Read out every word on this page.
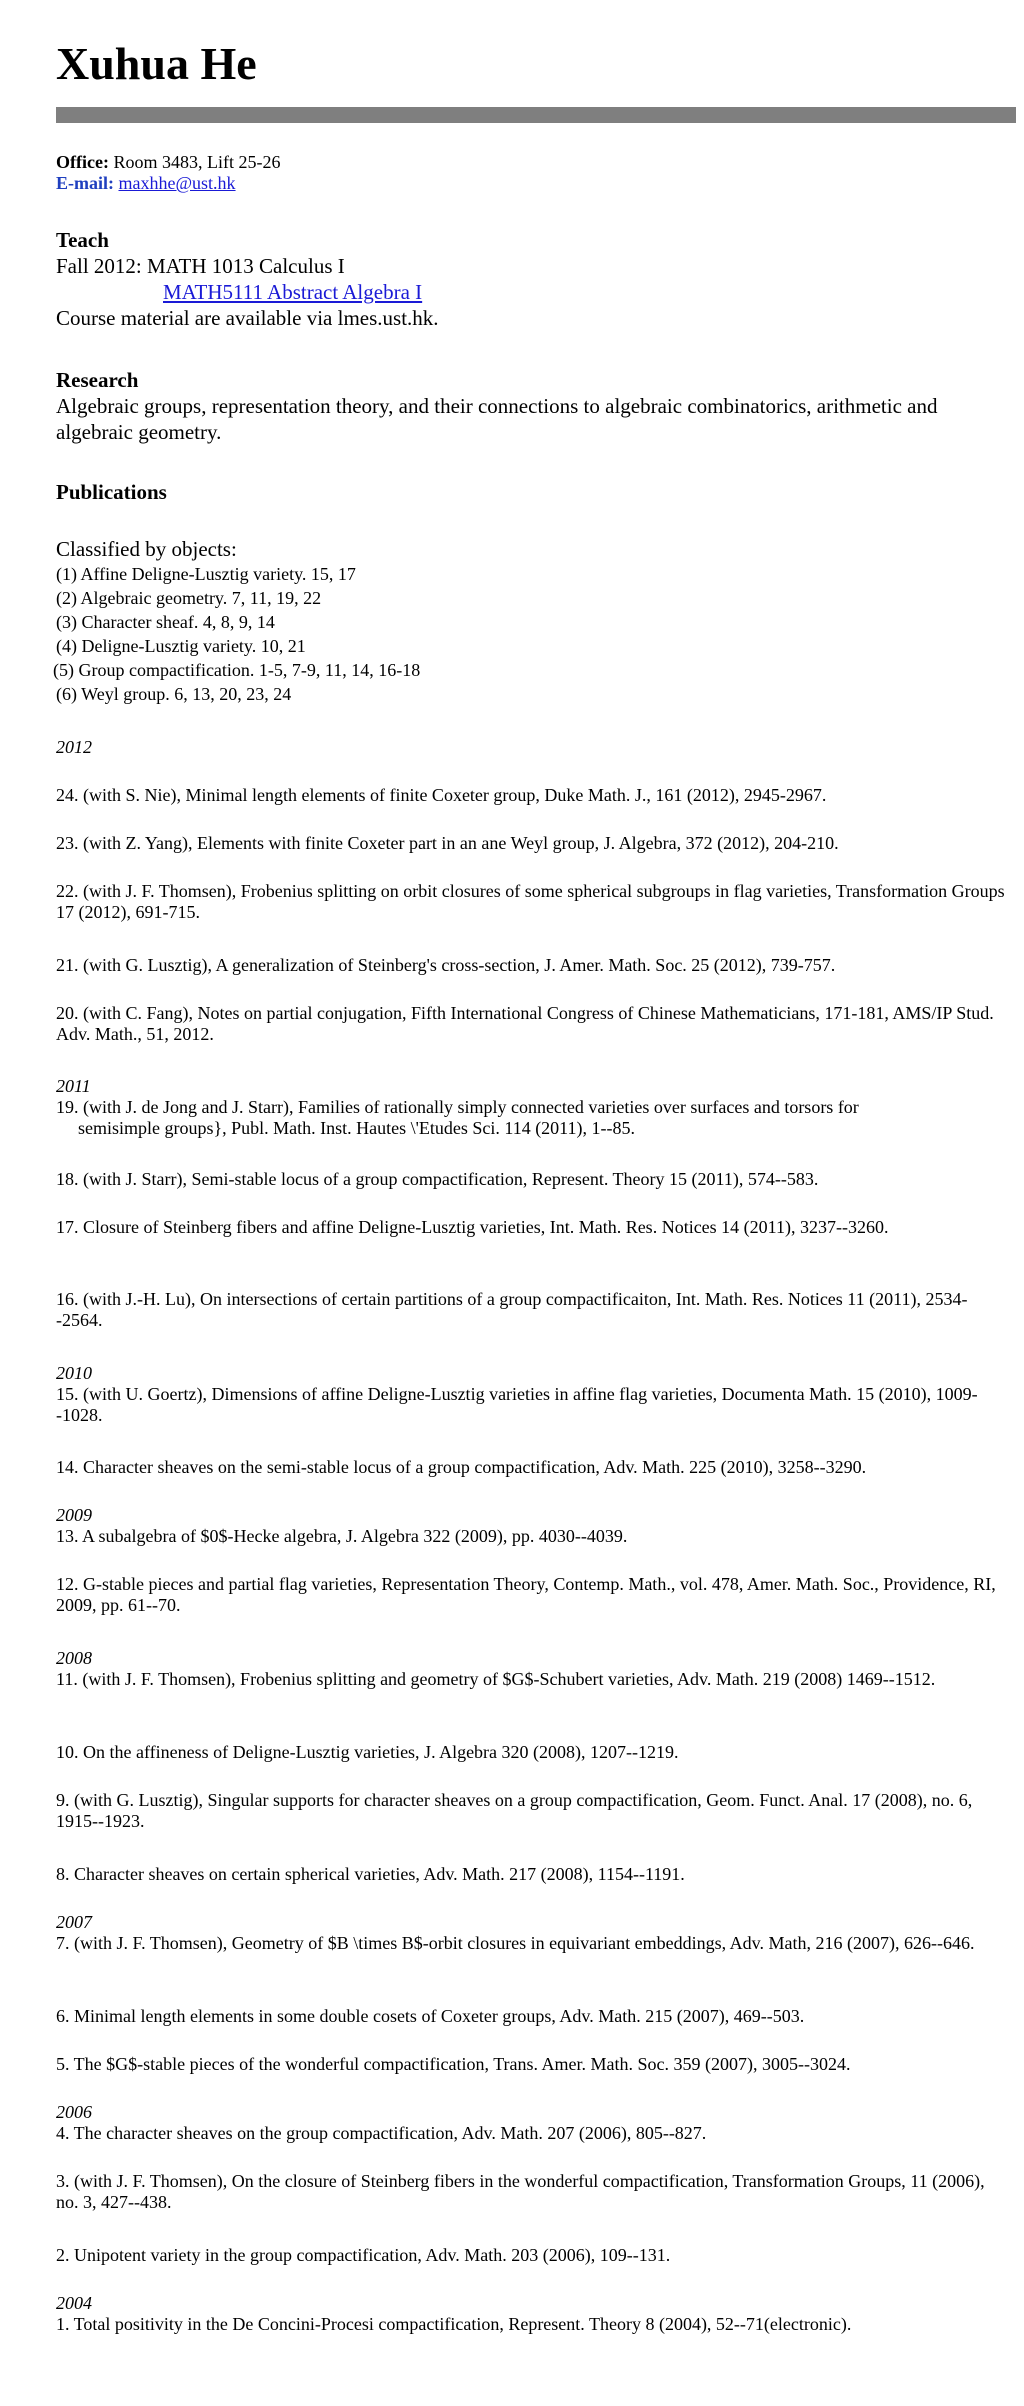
Xuhua He
Office: Room 3483, Lift 25-26
E-mail: maxhhe@ust.hk
Teach
Fall 2012: MATH 1013 Calculus I
MATH5111 Abstract Algebra I
Course material are available via lmes.ust.hk.
Research
Algebraic groups, representation theory, and their connections to algebraic combinatorics, arithmetic and algebraic geometry.
Publications
Classified by objects:
(1) Affine Deligne-Lusztig variety. 15, 17
(2) Algebraic geometry. 7, 11, 19, 22
(3) Character sheaf. 4, 8, 9, 14
(4) Deligne-Lusztig variety. 10, 21
(5) Group compactification. 1-5, 7-9, 11, 14, 16-18
(6) Weyl group. 6, 13, 20, 23, 24
2012
24. (with S. Nie), Minimal length elements of finite Coxeter group, Duke Math. J., 161 (2012), 2945-2967.
23. (with Z. Yang), Elements with finite Coxeter part in an ane Weyl group, J. Algebra, 372 (2012), 204-210.
22. (with J. F. Thomsen), Frobenius splitting on orbit closures of some spherical subgroups in flag varieties, Transformation Groups 17 (2012), 691-715.
21. (with G. Lusztig), A generalization of Steinberg's cross-section, J. Amer. Math. Soc. 25 (2012), 739-757.
20. (with C. Fang), Notes on partial conjugation, Fifth International Congress of Chinese Mathematicians, 171-181, AMS/IP Stud. Adv. Math., 51, 2012.
2011
19. (with J. de Jong and J. Starr), Families of rationally simply connected varieties over surfaces and torsors for
semisimple groups}, Publ. Math. Inst. Hautes \'Etudes Sci. 114 (2011), 1--85.
18. (with J. Starr), Semi-stable locus of a group compactification, Represent. Theory 15 (2011), 574--583.
17. Closure of Steinberg fibers and affine Deligne-Lusztig varieties, Int. Math. Res. Notices 14 (2011), 3237--3260.
16. (with J.-H. Lu), On intersections of certain partitions of a group compactificaiton, Int. Math. Res. Notices 11 (2011), 2534--2564.
2010
15. (with U. Goertz), Dimensions of affine Deligne-Lusztig varieties in affine flag varieties, Documenta Math. 15 (2010), 1009--1028.
14. Character sheaves on the semi-stable locus of a group compactification, Adv. Math. 225 (2010), 3258--3290.
2009
13. A subalgebra of $0$-Hecke algebra, J. Algebra 322 (2009), pp. 4030--4039.
12. G-stable pieces and partial flag varieties, Representation Theory, Contemp. Math., vol. 478, Amer. Math. Soc., Providence, RI, 2009, pp. 61--70.
2008
11. (with J. F. Thomsen), Frobenius splitting and geometry of $G$-Schubert varieties, Adv. Math. 219 (2008) 1469--1512.
10. On the affineness of Deligne-Lusztig varieties, J. Algebra 320 (2008), 1207--1219.
9. (with G. Lusztig), Singular supports for character sheaves on a group compactification, Geom. Funct. Anal. 17 (2008), no. 6, 1915--1923.
8. Character sheaves on certain spherical varieties, Adv. Math. 217 (2008), 1154--1191.
2007
7. (with J. F. Thomsen), Geometry of $B \times B$-orbit closures in equivariant embeddings, Adv. Math, 216 (2007), 626--646.
6. Minimal length elements in some double cosets of Coxeter groups, Adv. Math. 215 (2007), 469--503.
5. The $G$-stable pieces of the wonderful compactification, Trans. Amer. Math. Soc. 359 (2007), 3005--3024.
2006
4. The character sheaves on the group compactification, Adv. Math. 207 (2006), 805--827.
3. (with J. F. Thomsen), On the closure of Steinberg fibers in the wonderful compactification, Transformation Groups, 11 (2006), no. 3, 427--438.
2. Unipotent variety in the group compactification, Adv. Math. 203 (2006), 109--131.
2004
1. Total positivity in the De Concini-Procesi compactification, Represent. Theory 8 (2004), 52--71(electronic).
